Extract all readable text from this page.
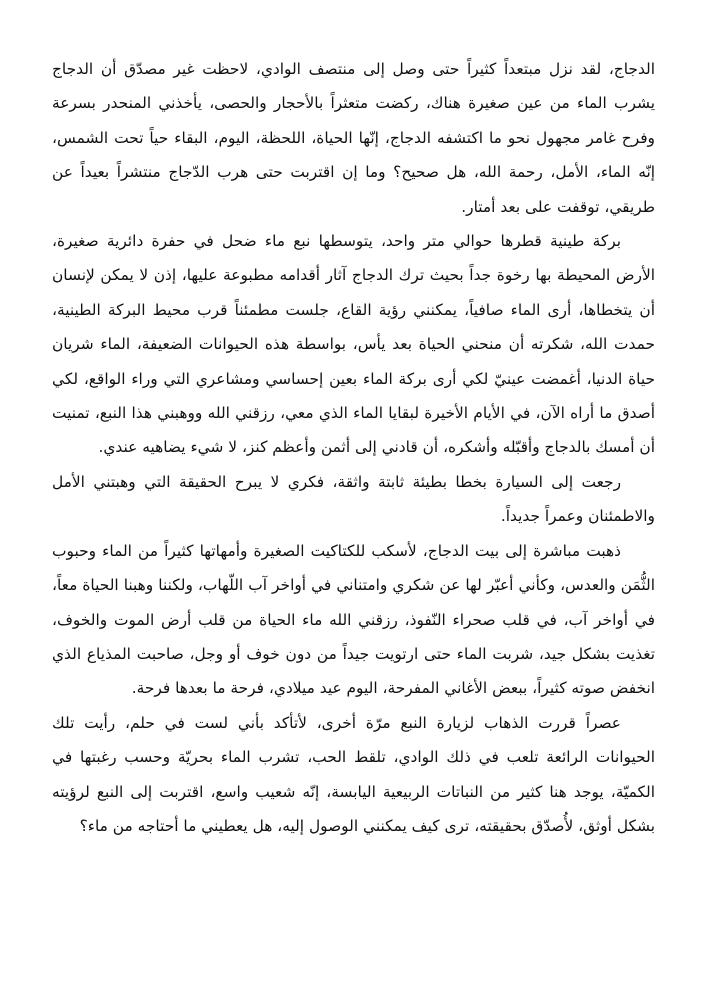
الدجاج، لقد نزل مبتعداً كثيراً حتى وصل إلى منتصف الوادي، لاحظت غير مصدّق أن الدجاج يشرب الماء من عين صغيرة هناك، ركضت متعثراً بالأحجار والحصى، يأخذني المنحدر بسرعة وفرح غامر مجهول نحو ما اكتشفه الدجاج، إنّها الحياة، اللحظة، اليوم، البقاء حياً تحت الشمس، إنّه الماء، الأمل، رحمة الله، هل صحيح؟ وما إن اقتربت حتى هرب الدّجاج منتشراً بعيداً عن طريقي، توقفت على بعد أمتار.

بركة طينية قطرها حوالي متر واحد، يتوسطها نبع ماء ضحل في حفرة دائرية صغيرة، الأرض المحيطة بها رخوة جداً بحيث ترك الدجاج آثار أقدامه مطبوعة عليها، إذن لا يمكن لإنسان أن يتخطاها، أرى الماء صافياً، يمكنني رؤية القاع، جلست مطمئناً قرب محيط البركة الطينية، حمدت الله، شكرته أن منحني الحياة بعد يأس، بواسطة هذه الحيوانات الضعيفة، الماء شريان حياة الدنيا، أغمضت عينيّ لكي أرى بركة الماء بعين إحساسي ومشاعري التي وراء الواقع، لكي أصدق ما أراه الآن، في الأيام الأخيرة لبقايا الماء الذي معي، رزقني الله ووهبني هذا النبع، تمنيت أن أمسك بالدجاج وأقبّله وأشكره، أن قادني إلى أثمن وأعظم كنز، لا شيء يضاهيه عندي.

رجعت إلى السيارة بخطا بطيئة ثابتة واثقة، فكري لا يبرح الحقيقة التي وهبتني الأمل والاطمئنان وعمراً جديداً.

ذهبت مباشرة إلى بيت الدجاج، لأسكب للكتاكيت الصغيرة وأمهاتها كثيراً من الماء وحبوب الثُّمَن والعدس، وكأني أعبّر لها عن شكري وامتناني في أواخر آب اللّهاب، ولكننا وهبنا الحياة معاً، في أواخر آب، في قلب صحراء النّفوذ، رزقني الله ماء الحياة من قلب أرض الموت والخوف، تغذيت بشكل جيد، شربت الماء حتى ارتويت جيداً من دون خوف أو وجل، صاحبت المذياع الذي انخفض صوته كثيراً، ببعض الأغاني المفرحة، اليوم عيد ميلادي، فرحة ما بعدها فرحة.

عصراً قررت الذهاب لزيارة النبع مرّة أخرى، لأتأكد بأني لست في حلم، رأيت تلك الحيوانات الرائعة تلعب في ذلك الوادي، تلقط الحب، تشرب الماء بحريّة وحسب رغبتها في الكميّة، يوجد هنا كثير من النباتات الربيعية اليابسة، إنّه شعيب واسع، اقتربت إلى النبع لرؤيته بشكل أوثق، لأُصدّق بحقيقته، ترى كيف يمكنني الوصول إليه، هل يعطيني ما أحتاجه من ماء؟
